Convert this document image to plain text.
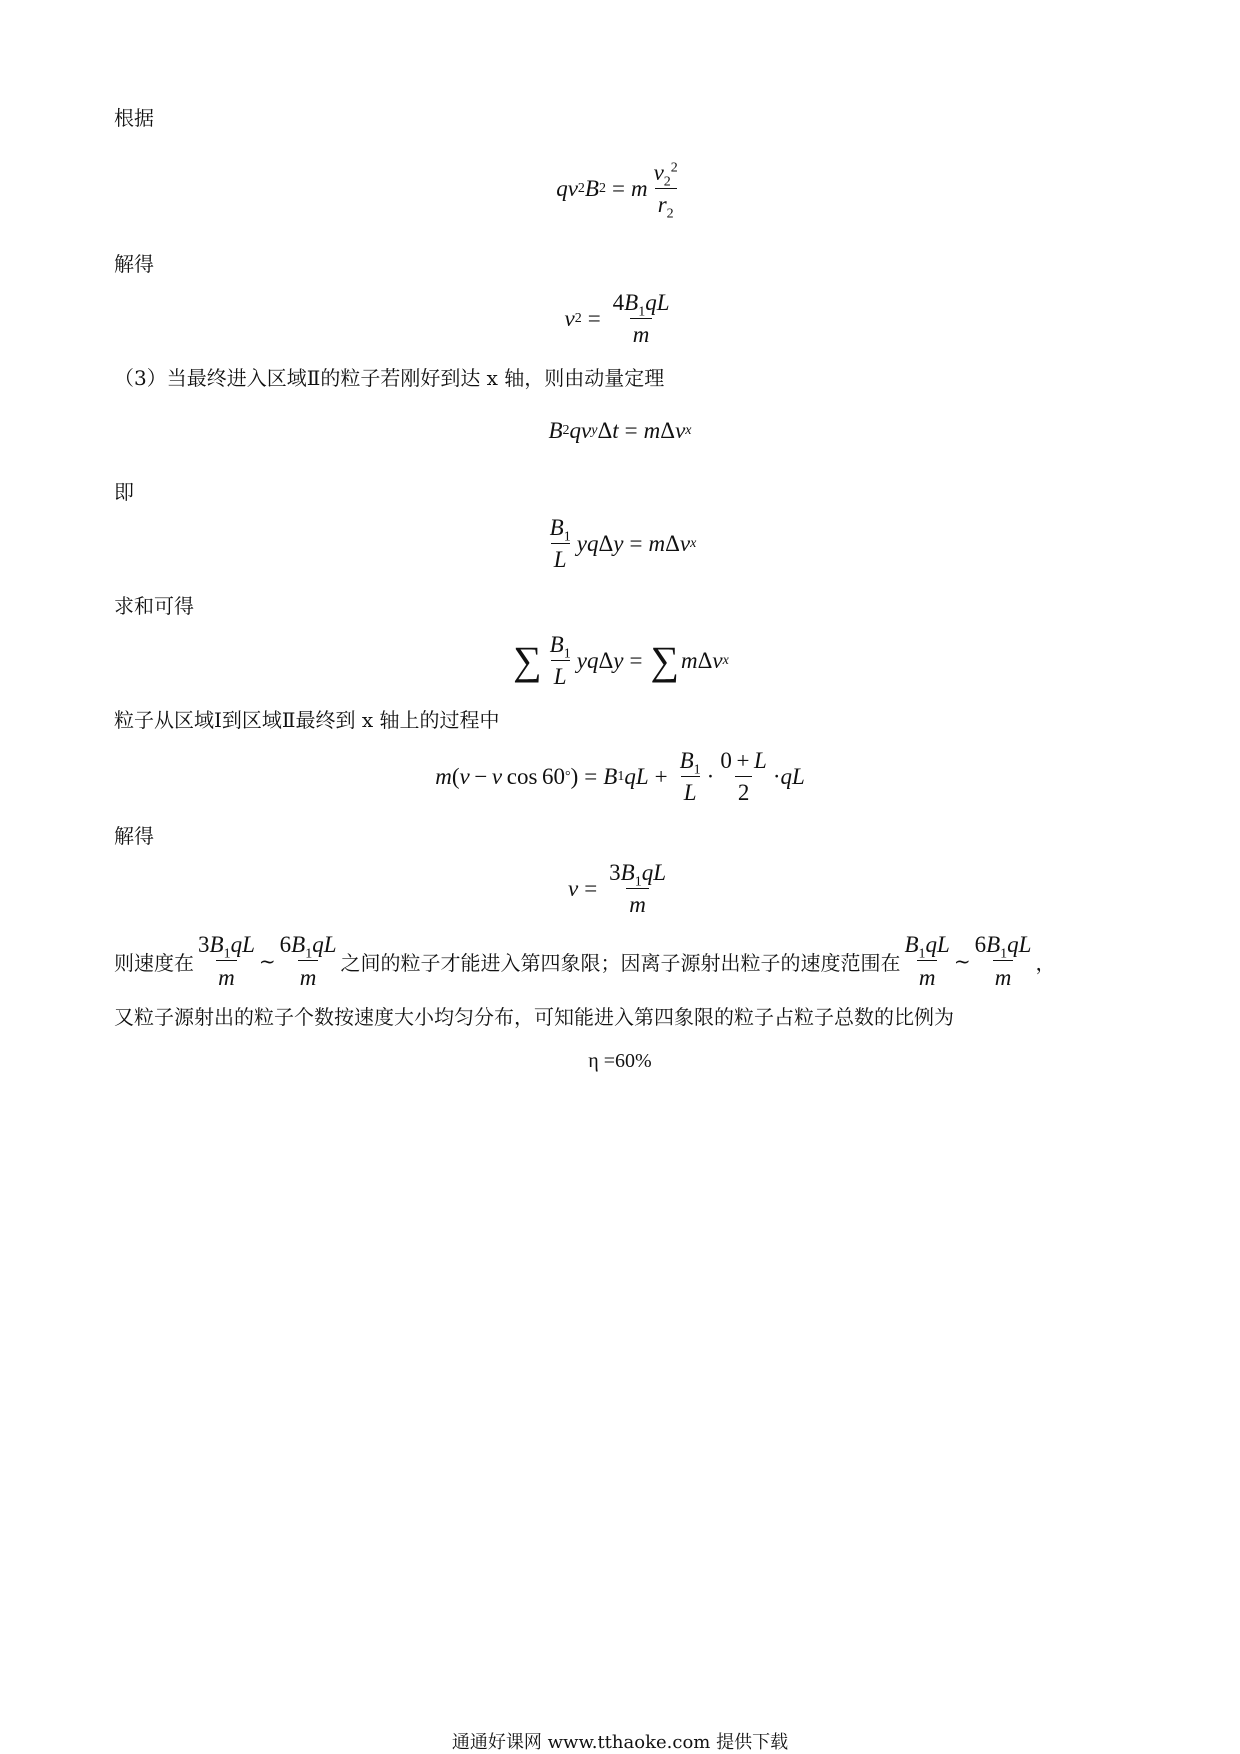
根据
q v 2 B 2 = m $\frac{v_2^2}{r_2}$
解得
v $2 = \frac{4B_1qL}{m}$
（3）当最终进入区域Ⅱ的粒子若刚好到达 x 轴，则由动量定理
B 2 q v y Δ t = m Δ v x
即
$\frac{B_1}{L}$ yq Δ y = m Δ v x
求和可得
∑ $\frac{B_1}{L}$ yq Δ y = ∑ m Δ v x
粒子从区域Ⅰ到区域Ⅱ最终到 x 轴上的过程中
m ( v  −  v  cos 60 ° ) = B 1 qL + $\frac{B_1}{L} \cdot \frac{0 + L}{2}$ · qL
解得
$v = \frac{3B_1qL}{m}$
则速度在 $\frac{3B_1qL}{m}$ ~ $\frac{6B_1qL}{m}$ 之间的粒子才能进入第四象限；因离子源射出粒子的速度范围在 $\frac{B_1qL}{m}$ ~ $\frac{6B_1qL}{m}$ ，
又粒子源射出的粒子个数按速度大小均匀分布，可知能进入第四象限的粒子占粒子总数的比例为
η =60%
通通好课网 www.tthaoke.com 提供下载
